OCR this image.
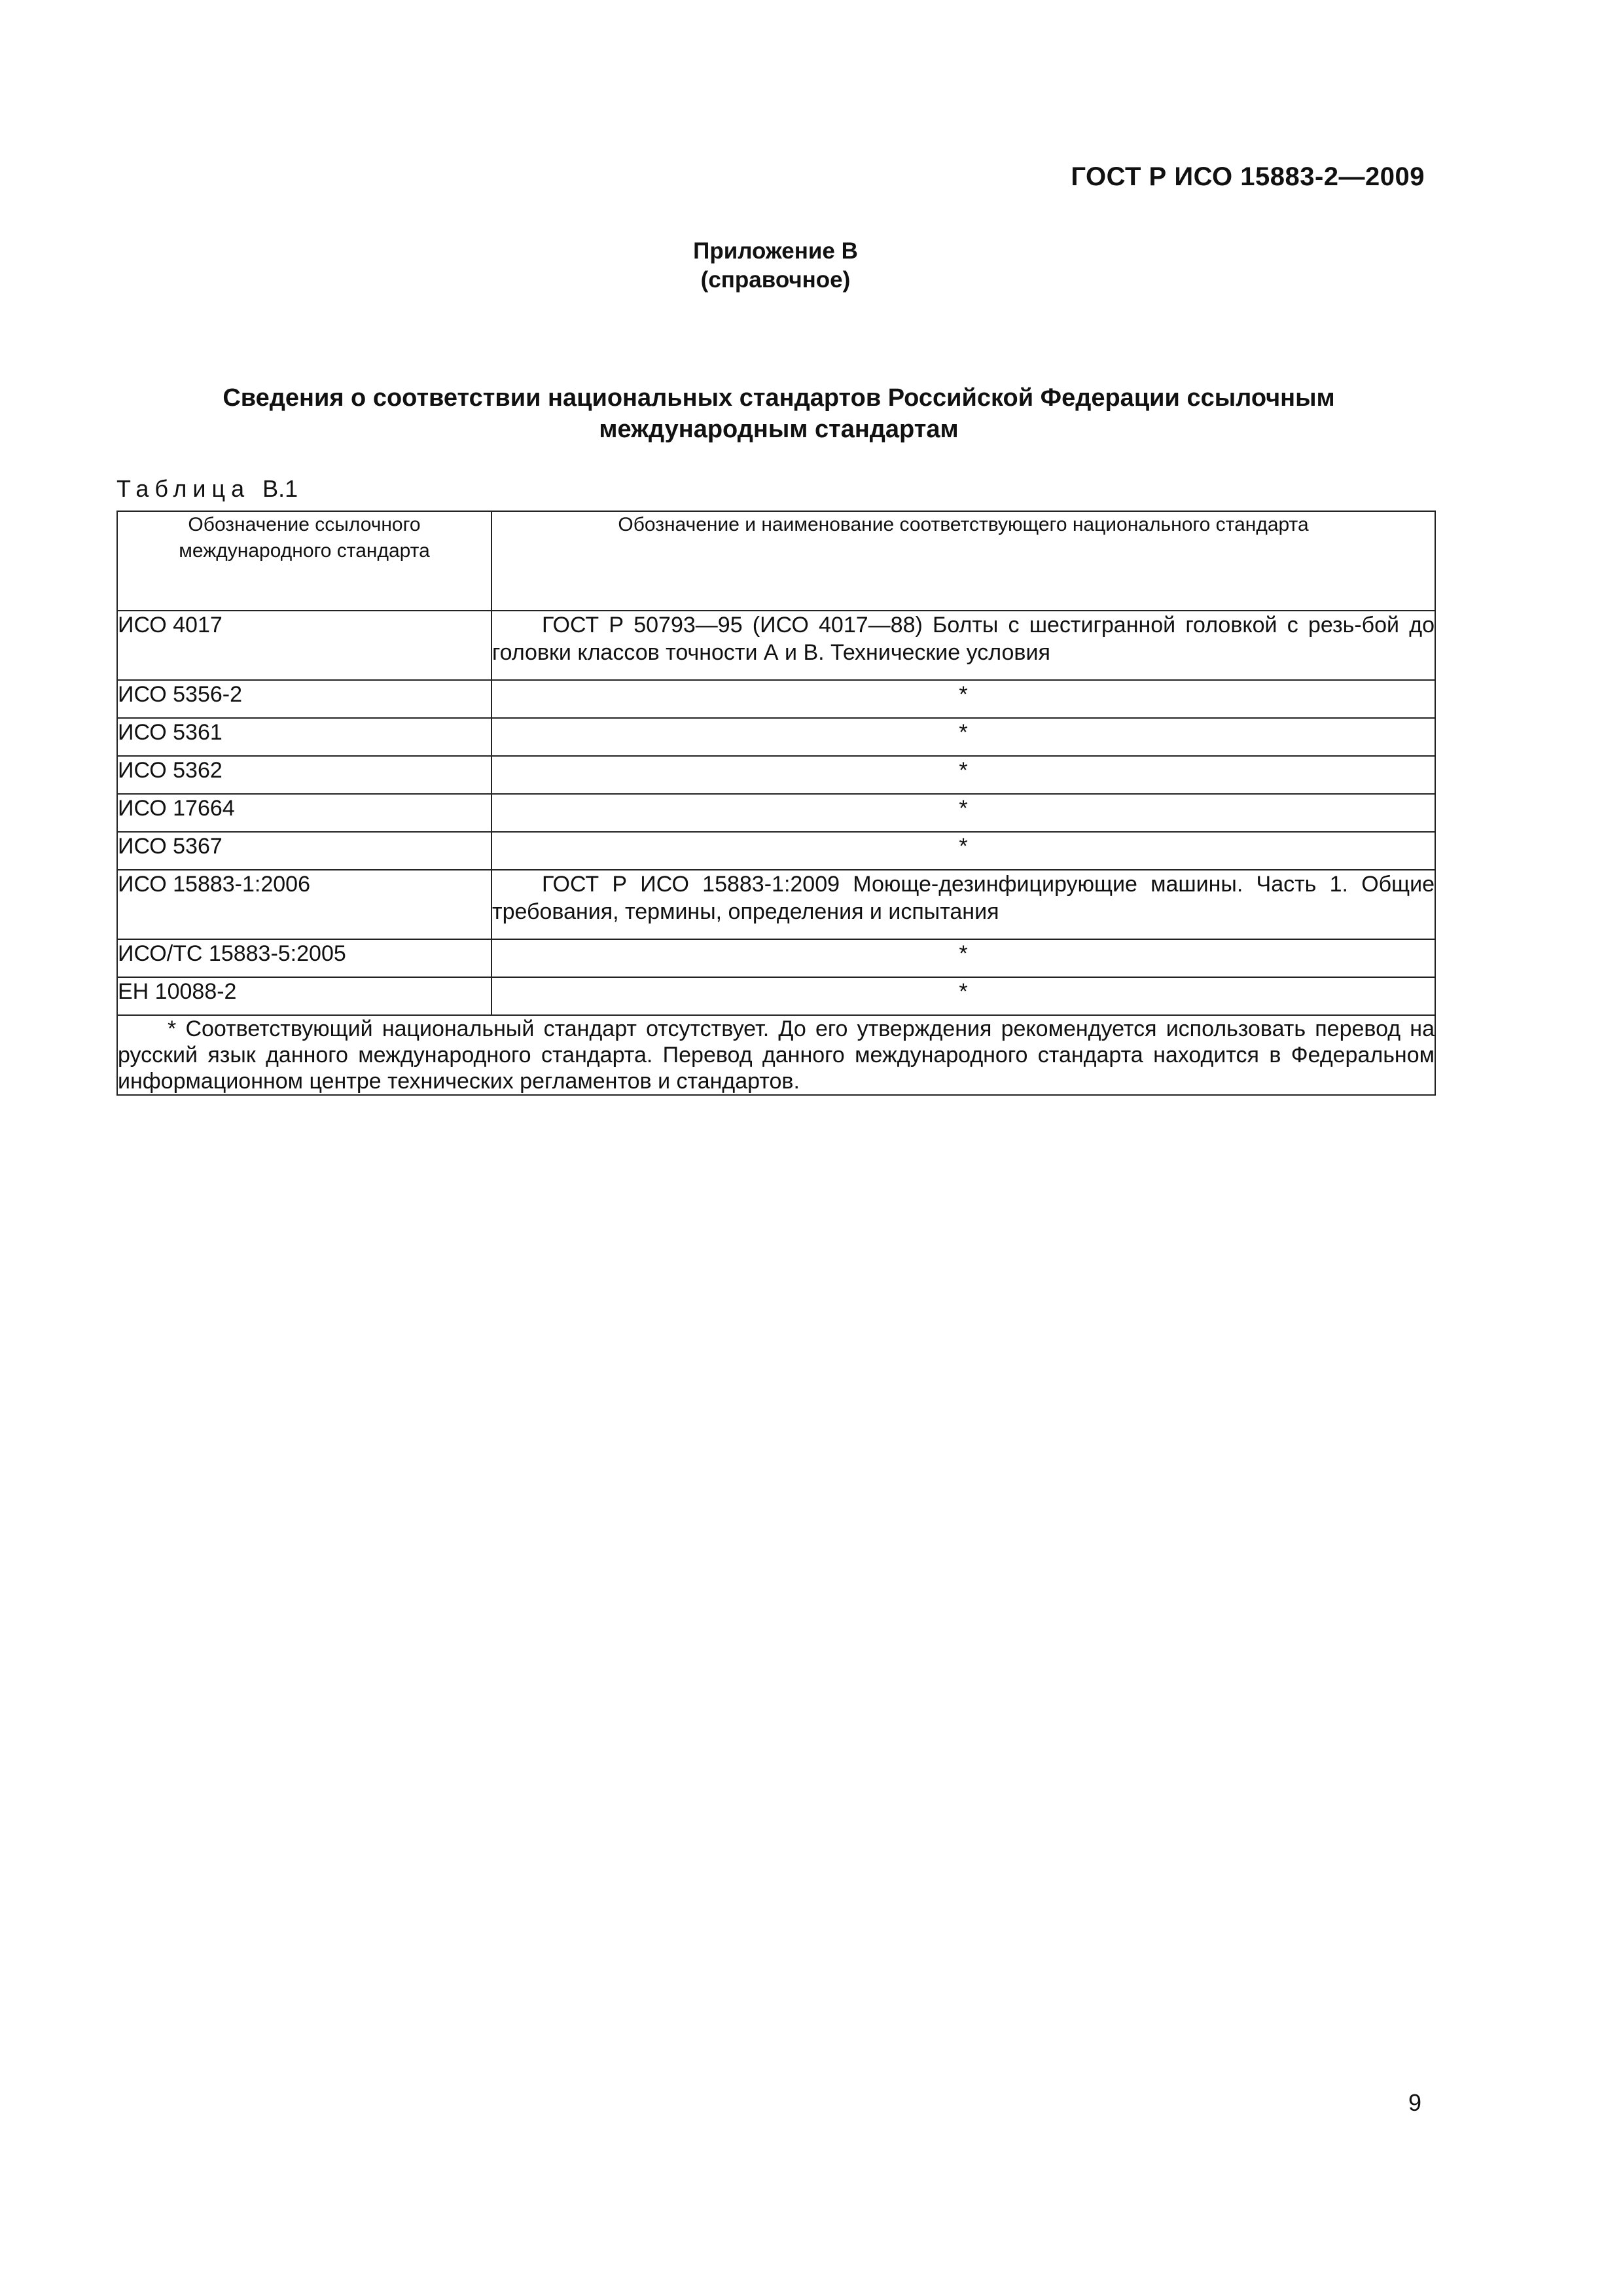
ГОСТ Р ИСО 15883-2—2009
Приложение В
(справочное)
Сведения о соответствии национальных стандартов Российской Федерации ссылочным международным стандартам
Таблица В.1
Обозначение ссылочного международного стандарта	Обозначение и наименование соответствующего национального стандарта
ИСО 4017	ГОСТ Р 50793—95 (ИСО 4017—88) Болты с шестигранной головкой с резь-бой до головки классов точности А и В. Технические условия
ИСО 5356-2	*
ИСО 5361	*
ИСО 5362	*
ИСО 17664	*
ИСО 5367	*
ИСО 15883-1:2006	ГОСТ Р ИСО 15883-1:2009 Моюще-дезинфицирующие машины. Часть 1. Общие требования, термины, определения и испытания
ИСО/ТС 15883-5:2005	*
ЕН 10088-2	*
* Соответствующий национальный стандарт отсутствует. До его утверждения рекомендуется использовать перевод на русский язык данного международного стандарта. Перевод данного международного стандарта находится в Федеральном информационном центре технических регламентов и стандартов.	
9
